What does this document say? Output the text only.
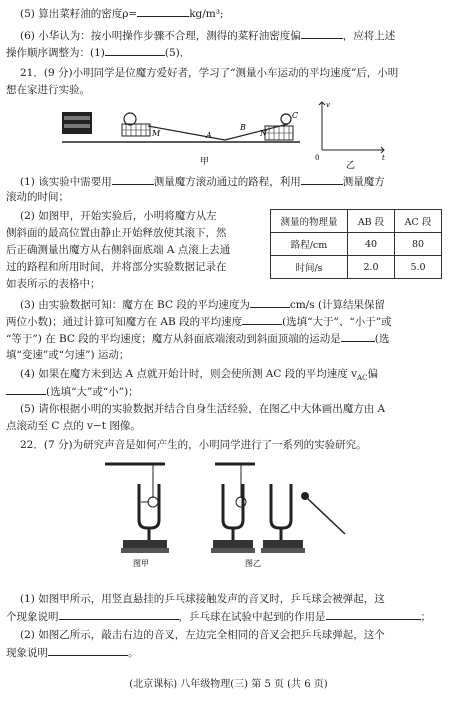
(5) 算出菜籽油的密度ρ=	kg/m³;
(6) 小华认为：按小明操作步骤不合理，测得的菜籽油密度偏	，应将上述
操作顺序调整为：(1)	(5)．
21．(9 分)小明同学是位魔方爱好者，学习了“测量小车运动的平均速度”后，小明
想在家进行实验。
M	A
B
N
C
甲
v
t
0
乙
(1) 该实验中需要用	测量魔方滚动通过的路程，利用	测量魔方
滚动的时间；
(2) 如图甲，开始实验后，小明将魔方从左
侧斜面的最高位置由静止开始释放使其滚下，然
后正确测量出魔方从右侧斜面底端 A 点滚上去通
过的路程和所用时间，并将部分实验数据记录在
如表所示的表格中；
测量的物理量	AB 段	AC 段
路程/cm	40	80
时间/s	2.0	5.0
(3) 由实验数据可知：魔方在 BC 段的平均速度为	cm/s (计算结果保留
两位小数)；通过计算可知魔方在 AB 段的平均速度	(选填“大于”、“小于”或
“等于”) 在 BC 段的平均速度；魔方从斜面底端滚动到斜面顶端的运动是	(选
填“变速”或“匀速”) 运动；
(4) 如果在魔方未到达 A 点就开始计时，则会使所测 AC 段的平均速度 $v_{AC}$偏
(选填“大”或“小”)；
(5) 请你根据小明的实验数据并结合自身生活经验，在图乙中大体画出魔方由 A
点滚动至 C 点的 v−t 图像。
22．(7 分)为研究声音是如何产生的，小明同学进行了一系列的实验研究。
图甲	图乙
(1) 如图甲所示，用竖直悬挂的乒乓球接触发声的音叉时，乒乓球会被弹起，这
个现象说明	，乒乓球在试验中起到的作用是	；
(2) 如图乙所示，敲击右边的音叉，左边完全相同的音叉会把乒乓球弹起，这个
现象说明	。
(北京课标) 八年级物理(三) 第 5 页 (共 6 页)
